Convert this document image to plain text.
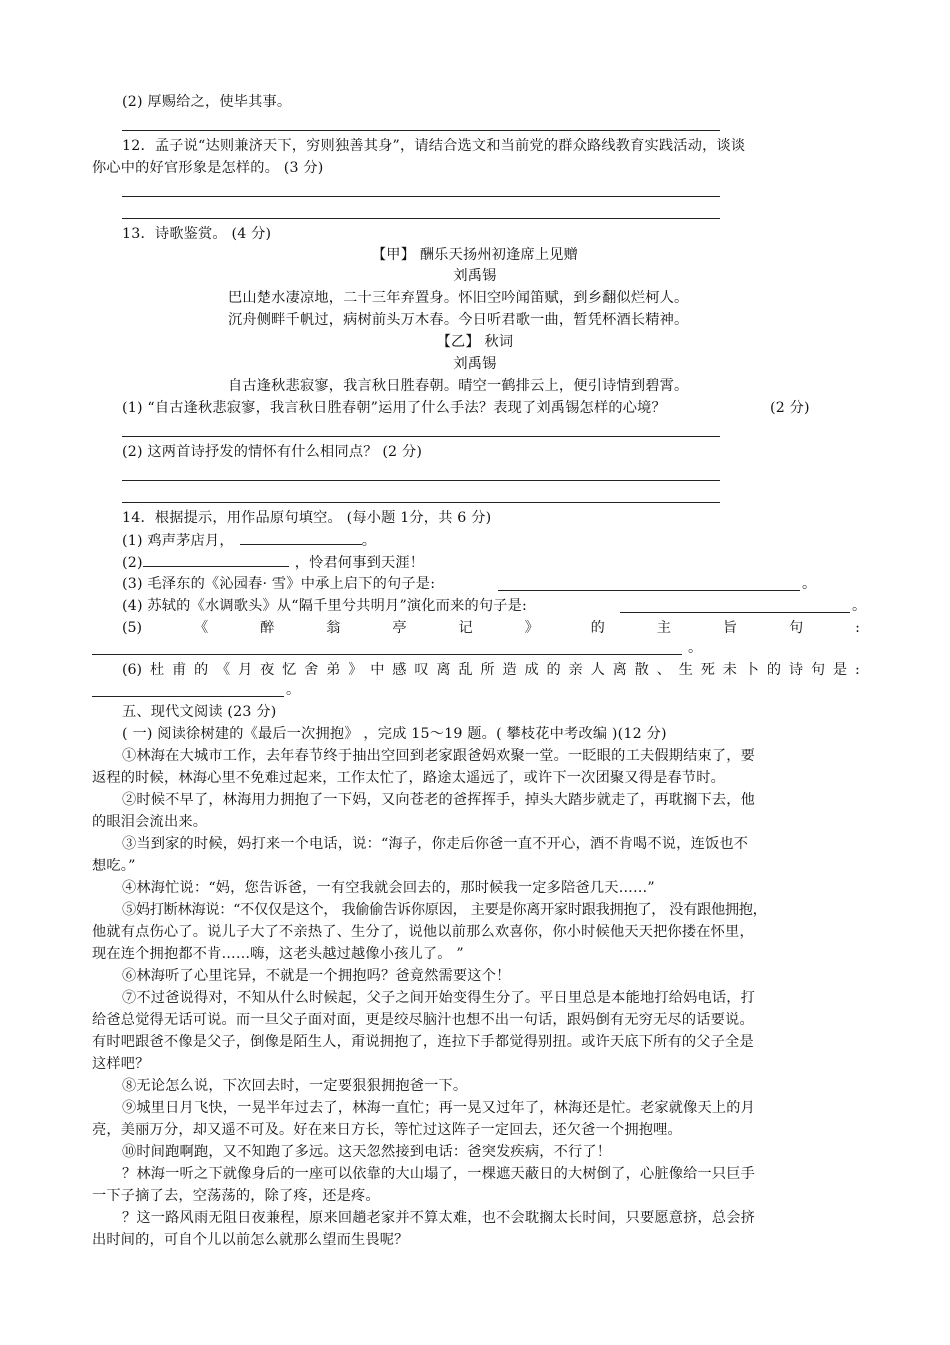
(2) 厚赐给之，使毕其事。
12．孟子说“达则兼济天下，穷则独善其身”，请结合选文和当前党的群众路线教育实践活动，谈谈
你心中的好官形象是怎样的。 (3 分)
13．诗歌鉴赏。 (4 分)
【甲】 酬乐天扬州初逢席上见赠
刘禹锡
巴山楚水凄凉地，二十三年弃置身。怀旧空吟闻笛赋，到乡翻似烂柯人。
沉舟侧畔千帆过，病树前头万木春。今日听君歌一曲，暂凭杯酒长精神。
【乙】 秋词
刘禹锡
自古逢秋悲寂寥，我言秋日胜春朝。晴空一鹤排云上，便引诗情到碧霄。
(1) “自古逢秋悲寂寥，我言秋日胜春朝”运用了什么手法？表现了刘禹锡怎样的心境？	(2 分)
(2) 这两首诗抒发的情怀有什么相同点？ (2 分)
14．根据提示，用作品原句填空。 (每小题 1分，共 6 分)
(1) 鸡声茅店月，	。
(2)	，怜君何事到天涯！
(3) 毛泽东的《沁园春· 雪》中承上启下的句子是:	。
(4) 苏轼的《水调歌头》从“隔千里兮共明月”演化而来的句子是:	。
(5)	《	醉	翁	亭	记	》	的	主	旨	句	:
。
(6) 杜 甫 的 《 月 夜 忆 舍 弟 》 中 感 叹 离 乱 所 造 成 的 亲 人 离 散 、 生 死 未 卜 的 诗 句 是 :
。
五、现代文阅读 (23 分)
( 一) 阅读徐树建的《最后一次拥抱》 ，完成 15～19 题。( 攀枝花中考改编 )(12 分)
①林海在大城市工作，去年春节终于抽出空回到老家跟爸妈欢聚一堂。一眨眼的工夫假期结束了，要
返程的时候，林海心里不免难过起来，工作太忙了，路途太遥远了，或许下一次团聚又得是春节时。
②时候不早了，林海用力拥抱了一下妈，又向苍老的爸挥挥手，掉头大踏步就走了，再耽搁下去，他
的眼泪会流出来。
③当到家的时候，妈打来一个电话，说：“海子，你走后你爸一直不开心，酒不肯喝不说，连饭也不
想吃。”
④林海忙说：“妈，您告诉爸，一有空我就会回去的，那时候我一定多陪爸几天……”
⑤妈打断林海说：“不仅仅是这个， 我偷偷告诉你原因， 主要是你离开家时跟我拥抱了， 没有跟他拥抱，
他就有点伤心了。说儿子大了不亲热了、生分了，说他以前那么欢喜你，你小时候他天天把你搂在怀里，
现在连个拥抱都不肯……嗨，这老头越过越像小孩儿了。 ”
⑥林海听了心里诧异，不就是一个拥抱吗？爸竟然需要这个！
⑦不过爸说得对，不知从什么时候起，父子之间开始变得生分了。平日里总是本能地打给妈电话，打
给爸总觉得无话可说。而一旦父子面对面，更是绞尽脑汁也想不出一句话，跟妈倒有无穷无尽的话要说。
有时吧跟爸不像是父子，倒像是陌生人，甭说拥抱了，连拉下手都觉得别扭。或许天底下所有的父子全是
这样吧？
⑧无论怎么说，下次回去时，一定要狠狠拥抱爸一下。
⑨城里日月飞快，一晃半年过去了，林海一直忙；再一晃又过年了，林海还是忙。老家就像天上的月
亮，美丽万分，却又遥不可及。好在来日方长，等忙过这阵子一定回去，还欠爸一个拥抱哩。
⑩时间跑啊跑，又不知跑了多远。这天忽然接到电话：爸突发疾病，不行了！
？林海一听之下就像身后的一座可以依靠的大山塌了，一棵遮天蔽日的大树倒了，心脏像给一只巨手
一下子摘了去，空荡荡的，除了疼，还是疼。
？这一路风雨无阻日夜兼程，原来回趟老家并不算太难，也不会耽搁太长时间，只要愿意挤，总会挤
出时间的，可自个儿以前怎么就那么望而生畏呢？
